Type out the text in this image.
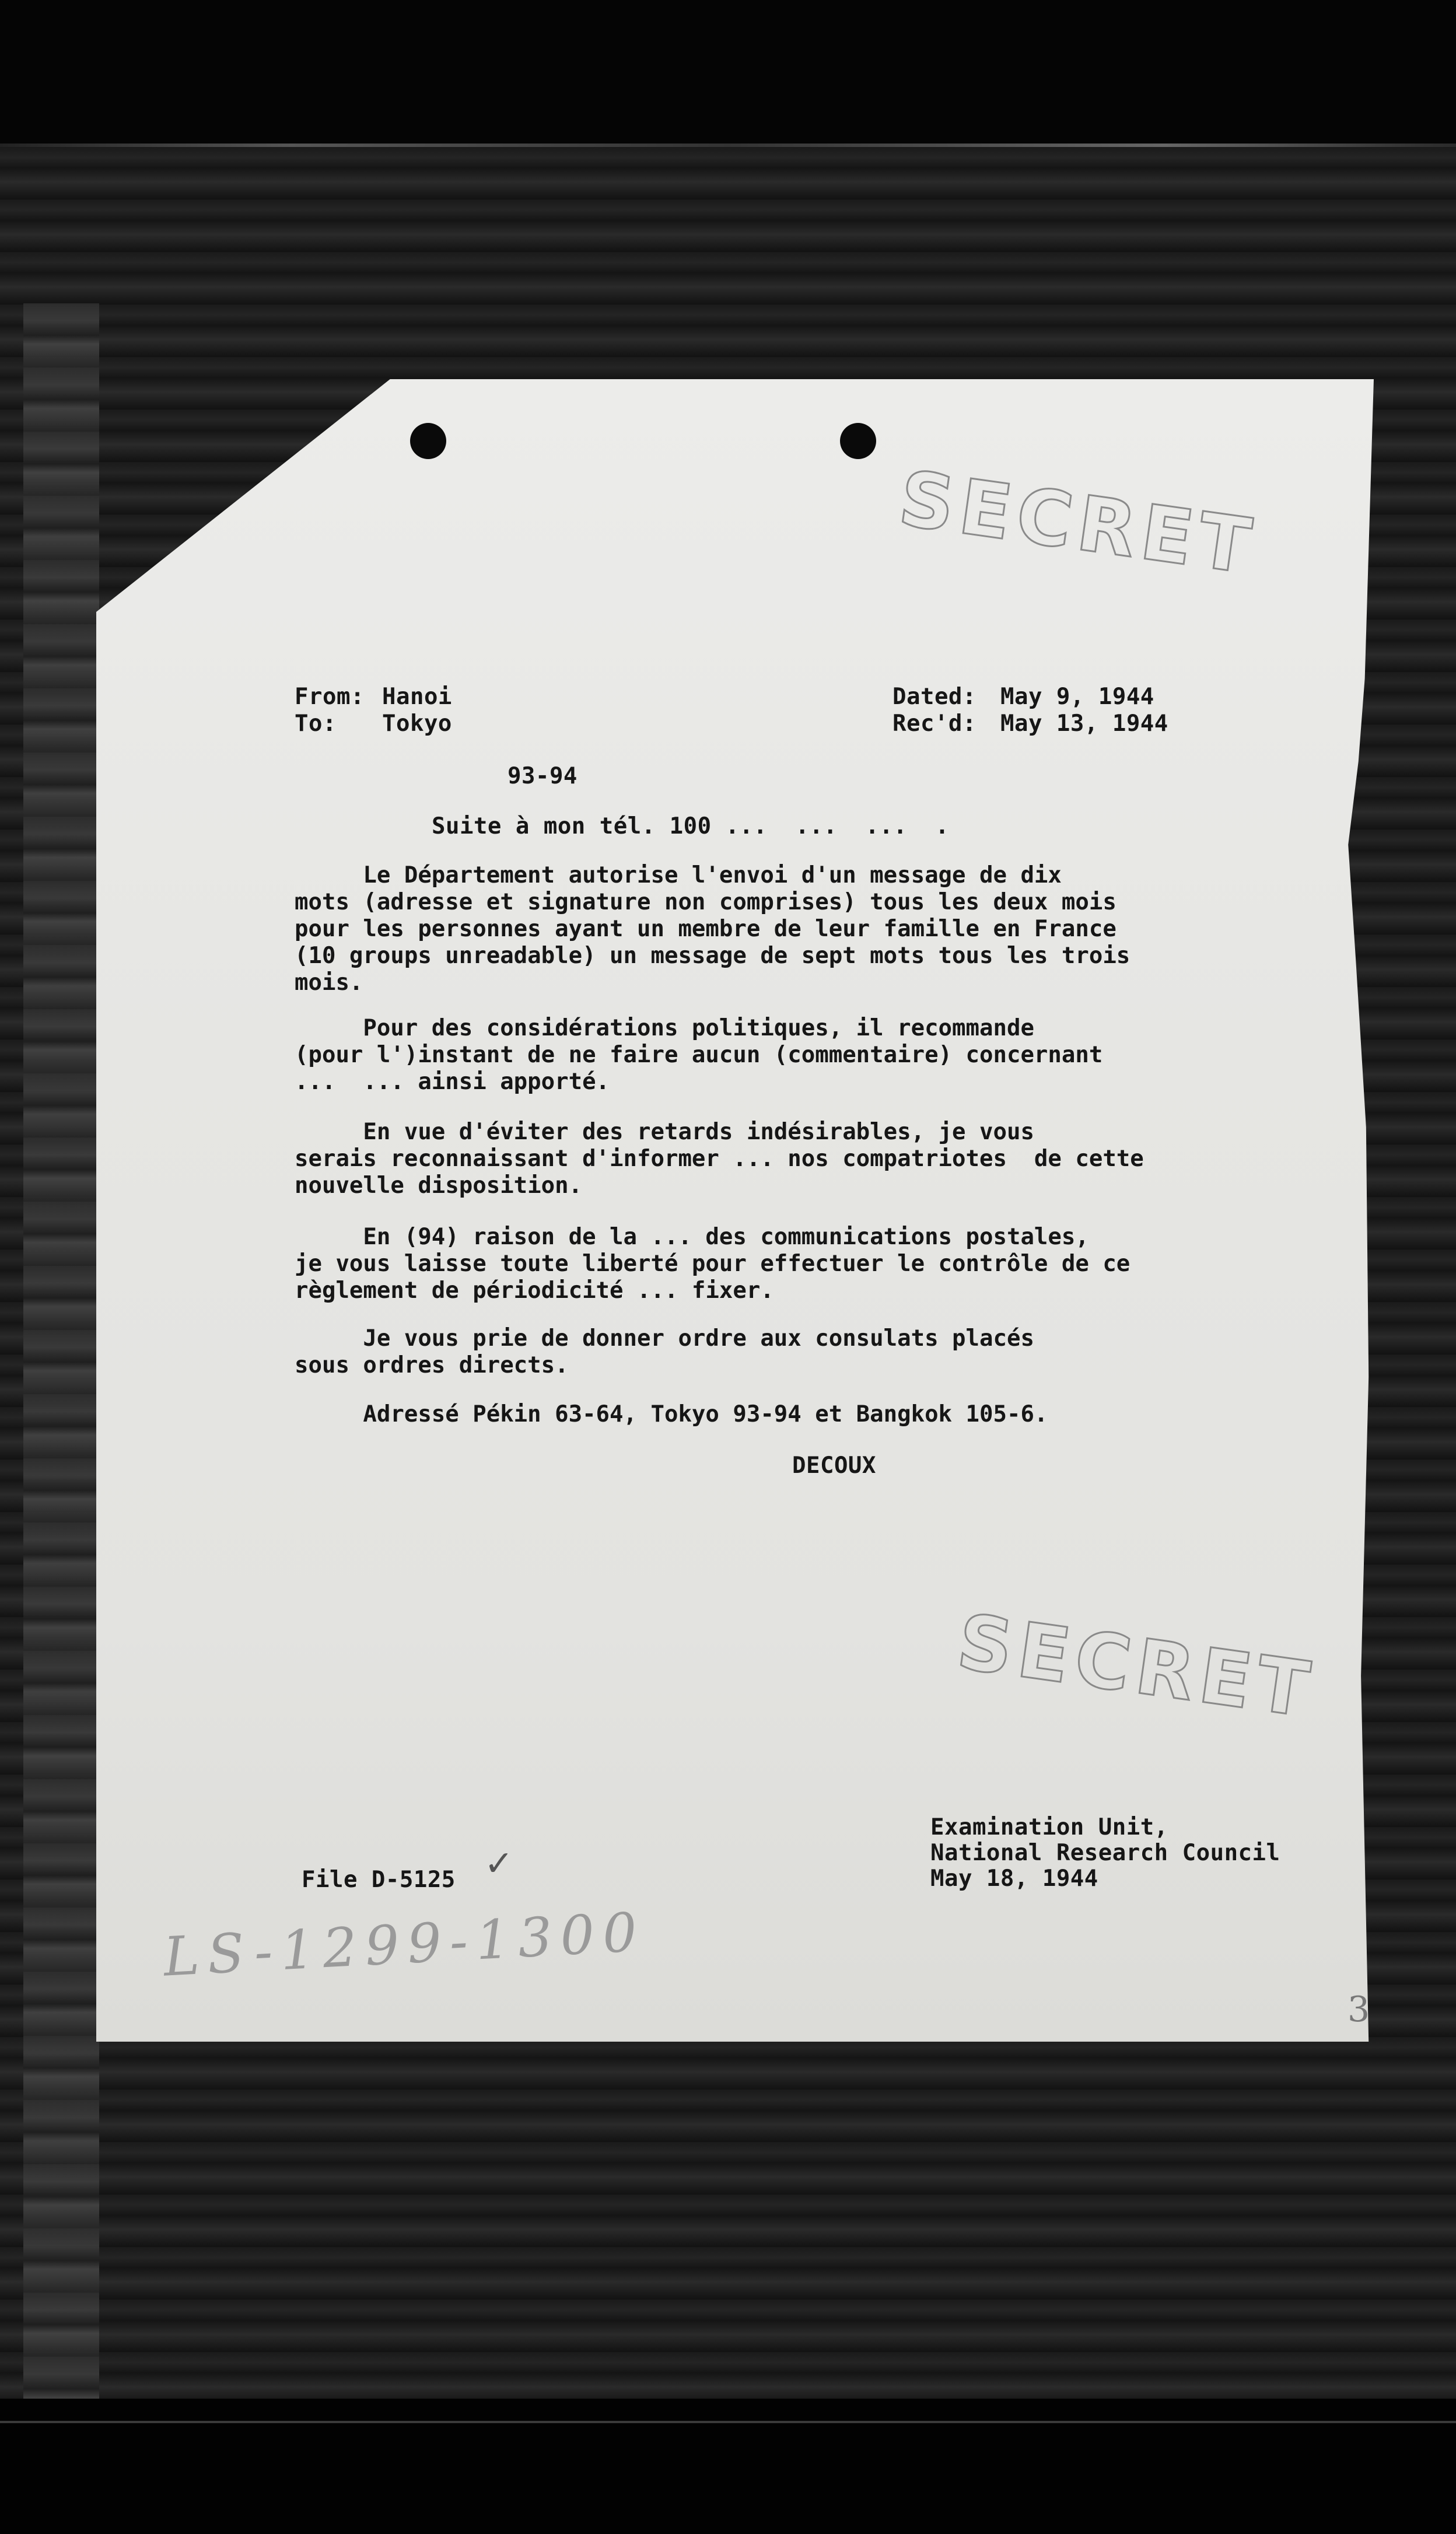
SECRET
SECRET
From: Hanoi
To: Tokyo
Dated: May 9, 1944
Rec'd: May 13, 1944
93-94
Suite à mon tél. 100 ...  ...  ...  .
Le Département autorise l'envoi d'un message de dix
mots (adresse et signature non comprises) tous les deux mois
pour les personnes ayant un membre de leur famille en France
(10 groups unreadable) un message de sept mots tous les trois
mois.
Pour des considérations politiques, il recommande
(pour l')instant de ne faire aucun (commentaire) concernant
...  ... ainsi apporté.
En vue d'éviter des retards indésirables, je vous
serais reconnaissant d'informer ... nos compatriotes  de cette
nouvelle disposition.
En (94) raison de la ... des communications postales,
je vous laisse toute liberté pour effectuer le contrôle de ce
règlement de périodicité ... fixer.
Je vous prie de donner ordre aux consulats placés
sous ordres directs.
Adressé Pékin 63-64, Tokyo 93-94 et Bangkok 105-6.
DECOUX
Examination Unit,
National Research Council
May 18, 1944
File D-5125 ✓
LS-1299-1300
3
